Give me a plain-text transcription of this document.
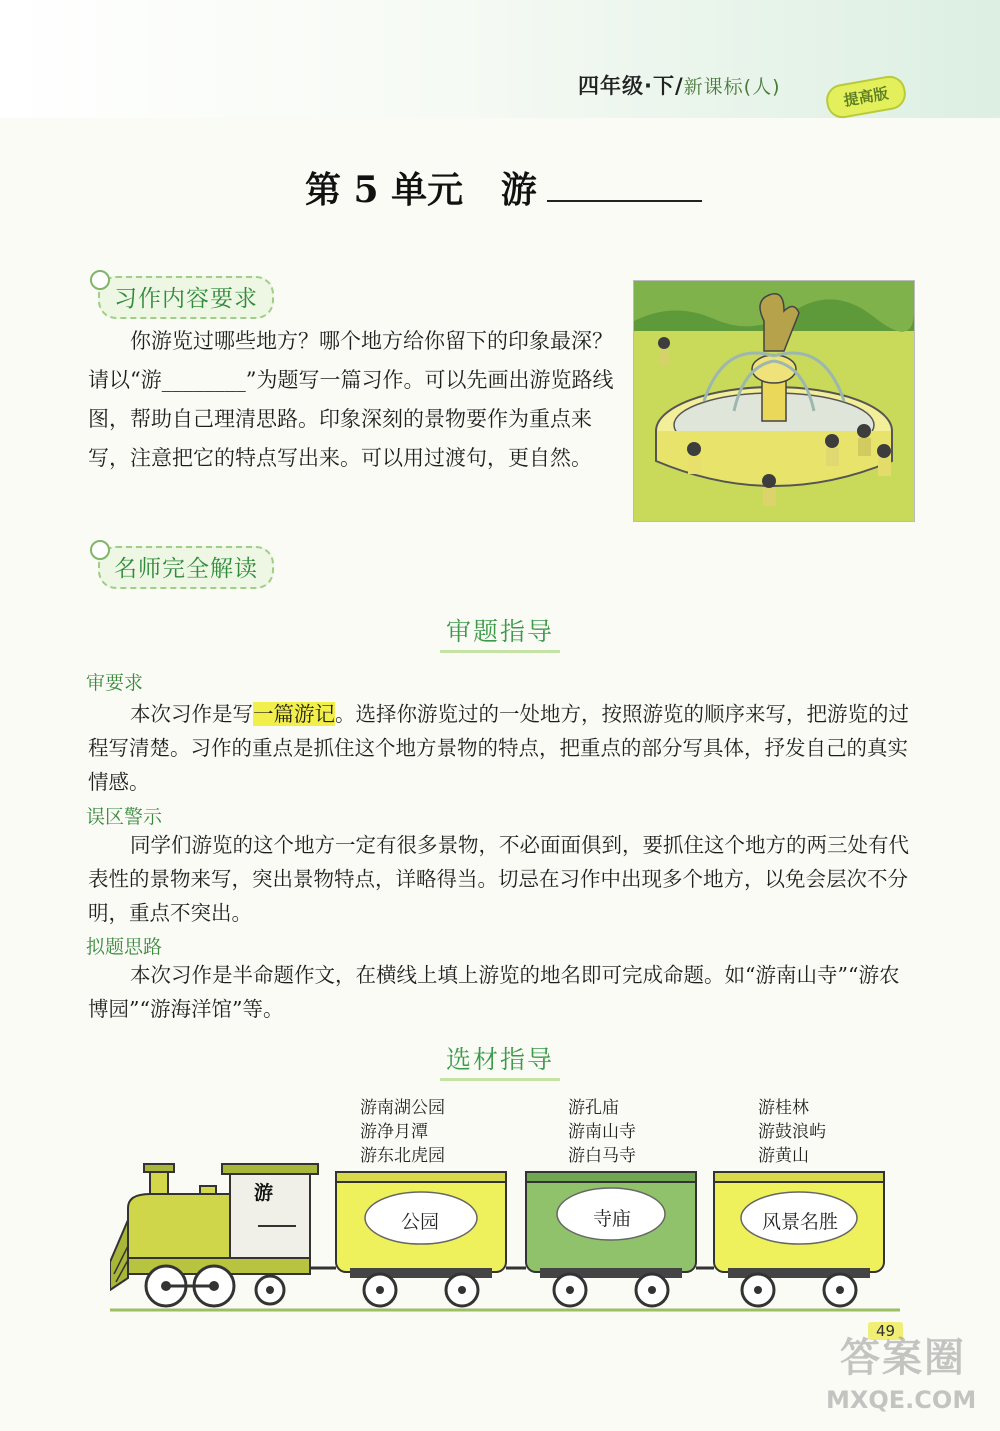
四年级·下/新课标(人)	提高版
第 5 单元 游
习作内容要求
你游览过哪些地方？哪个地方给你留下的印象最深？请以“游________”为题写一篇习作。可以先画出游览路线图，帮助自己理清思路。印象深刻的景物要作为重点来写，注意把它的特点写出来。可以用过渡句，更自然。
名师完全解读
审题指导
审要求
本次习作是写一篇游记。选择你游览过的一处地方，按照游览的顺序来写，把游览的过程写清楚。习作的重点是抓住这个地方景物的特点，把重点的部分写具体，抒发自己的真实情感。
误区警示
同学们游览的这个地方一定有很多景物，不必面面俱到，要抓住这个地方的两三处有代表性的景物来写，突出景物特点，详略得当。切忌在习作中出现多个地方，以免会层次不分明，重点不突出。
拟题思路
本次习作是半命题作文，在横线上填上游览的地名即可完成命题。如“游南山寺”“游农博园”“游海洋馆”等。
选材指导
游南湖公园
游净月潭
游东北虎园
游孔庙
游南山寺
游白马寺
游桂林
游鼓浪屿
游黄山
游
公园	寺庙	风景名胜
49
答案圈
MXQE.COM
